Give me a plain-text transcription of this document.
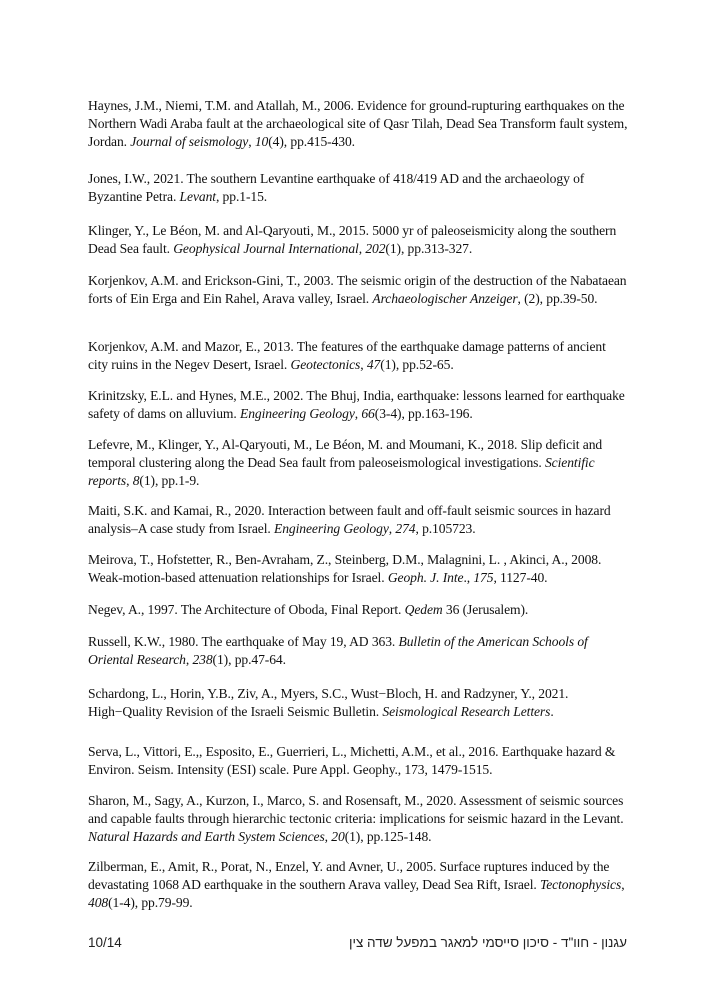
Haynes, J.M., Niemi, T.M. and Atallah, M., 2006. Evidence for ground-rupturing earthquakes on the Northern Wadi Araba fault at the archaeological site of Qasr Tilah, Dead Sea Transform fault system, Jordan. Journal of seismology, 10(4), pp.415-430.

Jones, I.W., 2021. The southern Levantine earthquake of 418/419 AD and the archaeology of Byzantine Petra. Levant, pp.1-15.

Klinger, Y., Le Béon, M. and Al-Qaryouti, M., 2015. 5000 yr of paleoseismicity along the southern Dead Sea fault. Geophysical Journal International, 202(1), pp.313-327.

Korjenkov, A.M. and Erickson-Gini, T., 2003. The seismic origin of the destruction of the Nabataean forts of Ein Erga and Ein Rahel, Arava valley, Israel. Archaeologischer Anzeiger, (2), pp.39-50.

Korjenkov, A.M. and Mazor, E., 2013. The features of the earthquake damage patterns of ancient city ruins in the Negev Desert, Israel. Geotectonics, 47(1), pp.52-65.

Krinitzsky, E.L. and Hynes, M.E., 2002. The Bhuj, India, earthquake: lessons learned for earthquake safety of dams on alluvium. Engineering Geology, 66(3-4), pp.163-196.

Lefevre, M., Klinger, Y., Al-Qaryouti, M., Le Béon, M. and Moumani, K., 2018. Slip deficit and temporal clustering along the Dead Sea fault from paleoseismological investigations. Scientific reports, 8(1), pp.1-9.

Maiti, S.K. and Kamai, R., 2020. Interaction between fault and off-fault seismic sources in hazard analysis–A case study from Israel. Engineering Geology, 274, p.105723.

Meirova, T., Hofstetter, R., Ben-Avraham, Z., Steinberg, D.M., Malagnini, L. , Akinci, A., 2008. Weak-motion-based attenuation relationships for Israel. Geoph. J. Inte., 175, 1127-40.

Negev, A., 1997. The Architecture of Oboda, Final Report. Qedem 36 (Jerusalem).

Russell, K.W., 1980. The earthquake of May 19, AD 363. Bulletin of the American Schools of Oriental Research, 238(1), pp.47-64.

Schardong, L., Horin, Y.B., Ziv, A., Myers, S.C., Wust−Bloch, H. and Radzyner, Y., 2021. High−Quality Revision of the Israeli Seismic Bulletin. Seismological Research Letters.

Serva, L., Vittori, E.,, Esposito, E., Guerrieri, L., Michetti, A.M., et al., 2016. Earthquake hazard & Environ. Seism. Intensity (ESI) scale. Pure Appl. Geophy., 173, 1479-1515.

Sharon, M., Sagy, A., Kurzon, I., Marco, S. and Rosensaft, M., 2020. Assessment of seismic sources and capable faults through hierarchic tectonic criteria: implications for seismic hazard in the Levant. Natural Hazards and Earth System Sciences, 20(1), pp.125-148.

Zilberman, E., Amit, R., Porat, N., Enzel, Y. and Avner, U., 2005. Surface ruptures induced by the devastating 1068 AD earthquake in the southern Arava valley, Dead Sea Rift, Israel. Tectonophysics, 408(1-4), pp.79-99.

10/14	עגנון - חוו"ד - סיכון סייסמי למאגר במפעל שדה צין
